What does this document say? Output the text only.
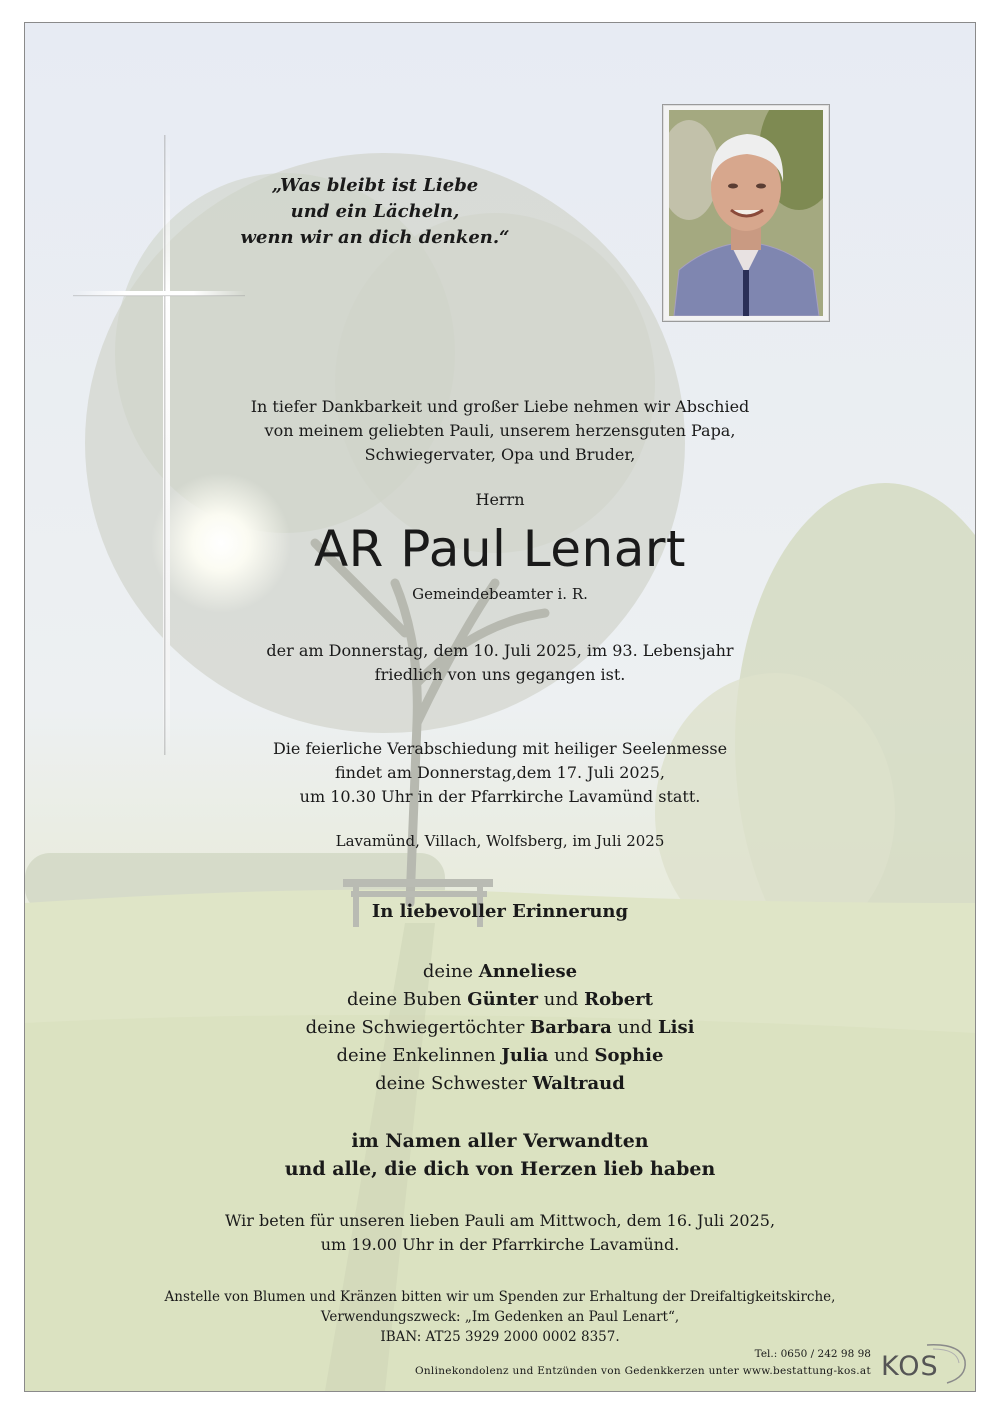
„Was bleibt ist Liebe
und ein Lächeln,
wenn wir an dich denken.“
In tiefer Dankbarkeit und großer Liebe nehmen wir Abschied
von meinem geliebten Pauli, unserem herzensguten Papa,
Schwiegervater, Opa und Bruder,
Herrn
AR Paul Lenart
Gemeindebeamter i. R.
der am Donnerstag, dem 10. Juli 2025, im 93. Lebensjahr
friedlich von uns gegangen ist.
Die feierliche Verabschiedung mit heiliger Seelenmesse
findet am Donnerstag,dem 17. Juli 2025,
um 10.30 Uhr in der Pfarrkirche Lavamünd statt.
Lavamünd, Villach, Wolfsberg, im Juli 2025
In liebevoller Erinnerung
deine Anneliese
deine Buben Günter und Robert
deine Schwiegertöchter Barbara und Lisi
deine Enkelinnen Julia und Sophie
deine Schwester Waltraud
im Namen aller Verwandten
und alle, die dich von Herzen lieb haben
Wir beten für unseren lieben Pauli am Mittwoch, dem 16. Juli 2025,
um 19.00 Uhr in der Pfarrkirche Lavamünd.
Anstelle von Blumen und Kränzen bitten wir um Spenden zur Erhaltung der Dreifaltigkeitskirche,
Verwendungszweck: „Im Gedenken an Paul Lenart“,
IBAN: AT25 3929 2000 0002 8357.
Tel.: 0650 / 242 98 98
Onlinekondolenz und Entzünden von Gedenkkerzen unter www.bestattung-kos.at KOS
